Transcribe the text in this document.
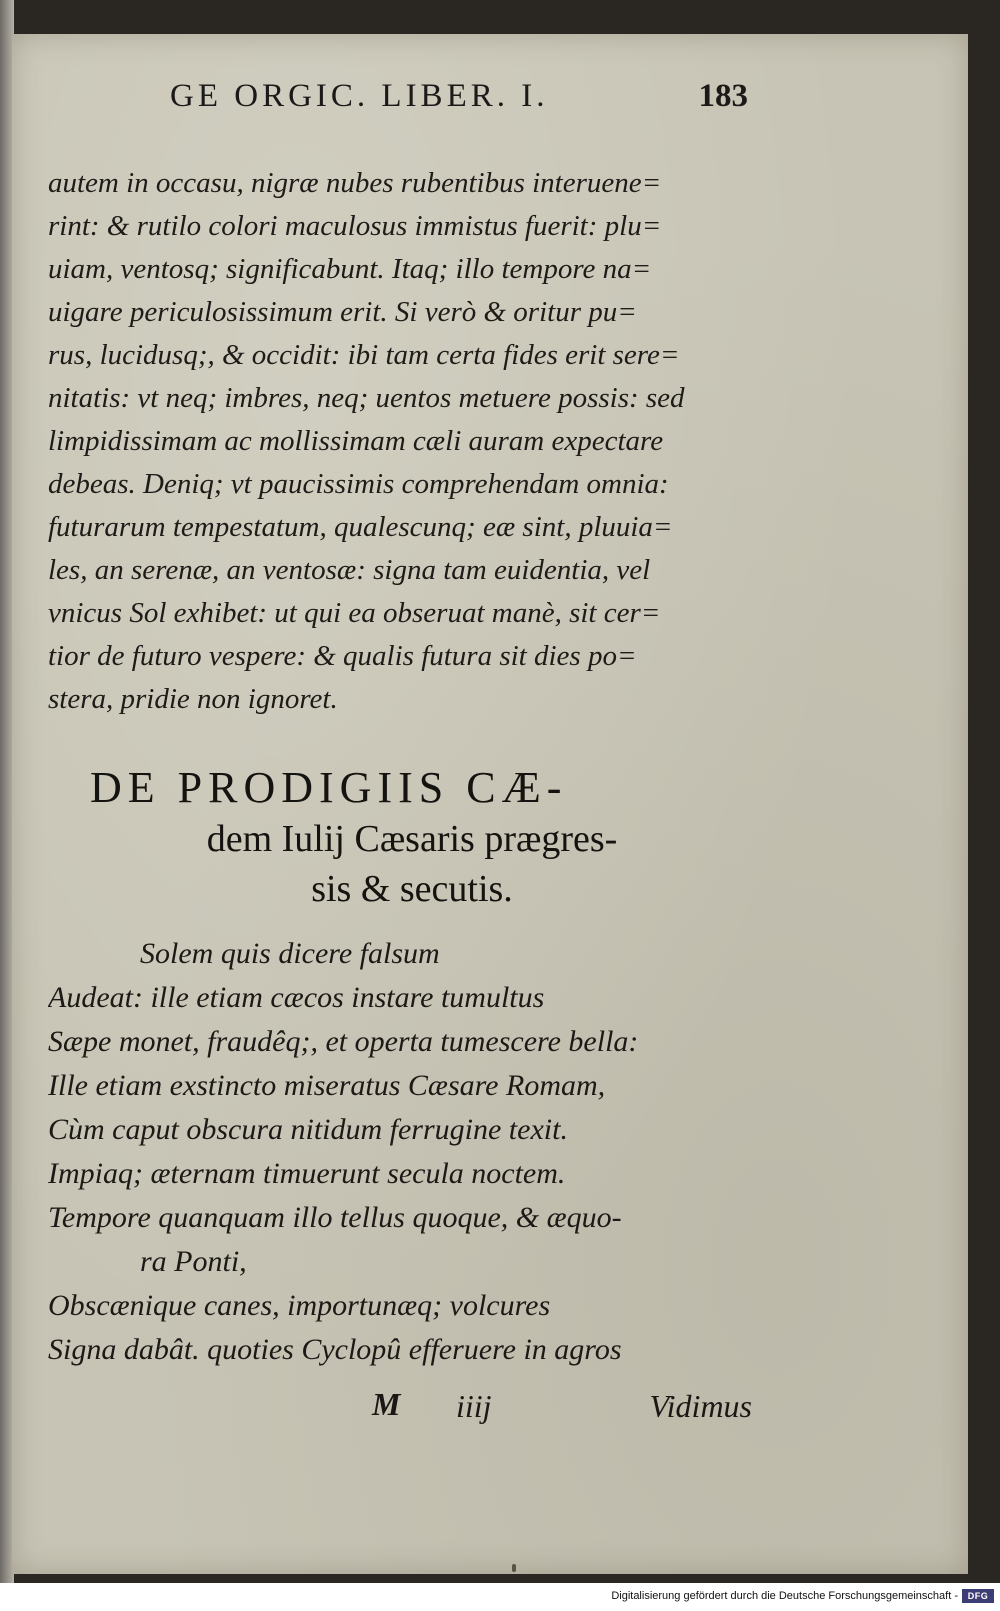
GE ORGIC. LIBER. I.	183
autem in occasu, nigræ nubes rubentibus interuene=
rint: & rutilo colori maculosus immistus fuerit: plu=
uiam, ventosq; significabunt. Itaq; illo tempore na=
uigare periculosissimum erit. Si verò & oritur pu=
rus, lucidusq;, & occidit: ibi tam certa fides erit sere=
nitatis: vt neq; imbres, neq; uentos metuere possis: sed
limpidissimam ac mollissimam cæli auram expectare
debeas. Deniq; vt paucissimis comprehendam omnia:
futurarum tempestatum, qualescunq; eæ sint, pluuia=
les, an serenæ, an ventosæ: signa tam euidentia, vel
vnicus Sol exhibet: ut qui ea obseruat manè, sit cer=
tior de futuro vespere: & qualis futura sit dies po=
stera, pridie non ignoret.
DE PRODIGIIS CÆ-
dem Iulij Cæsaris prægres-
sis & secutis.
Solem quis dicere falsum
Audeat: ille etiam cæcos instare tumultus
Sæpe monet, fraudêq;, et operta tumescere bella:
Ille etiam exstincto miseratus Cæsare Romam,
Cùm caput obscura nitidum ferrugine texit.
Impiaq; æternam timuerunt secula noctem.
Tempore quanquam illo tellus quoque, & æquo-
ra Ponti,
Obscænique canes, importunæq; volcures
Signa dabât. quoties Cyclopû efferuere in agros
M iiij	Vidimus
Digitalisierung gefördert durch die Deutsche Forschungsgemeinschaft -	DFG
